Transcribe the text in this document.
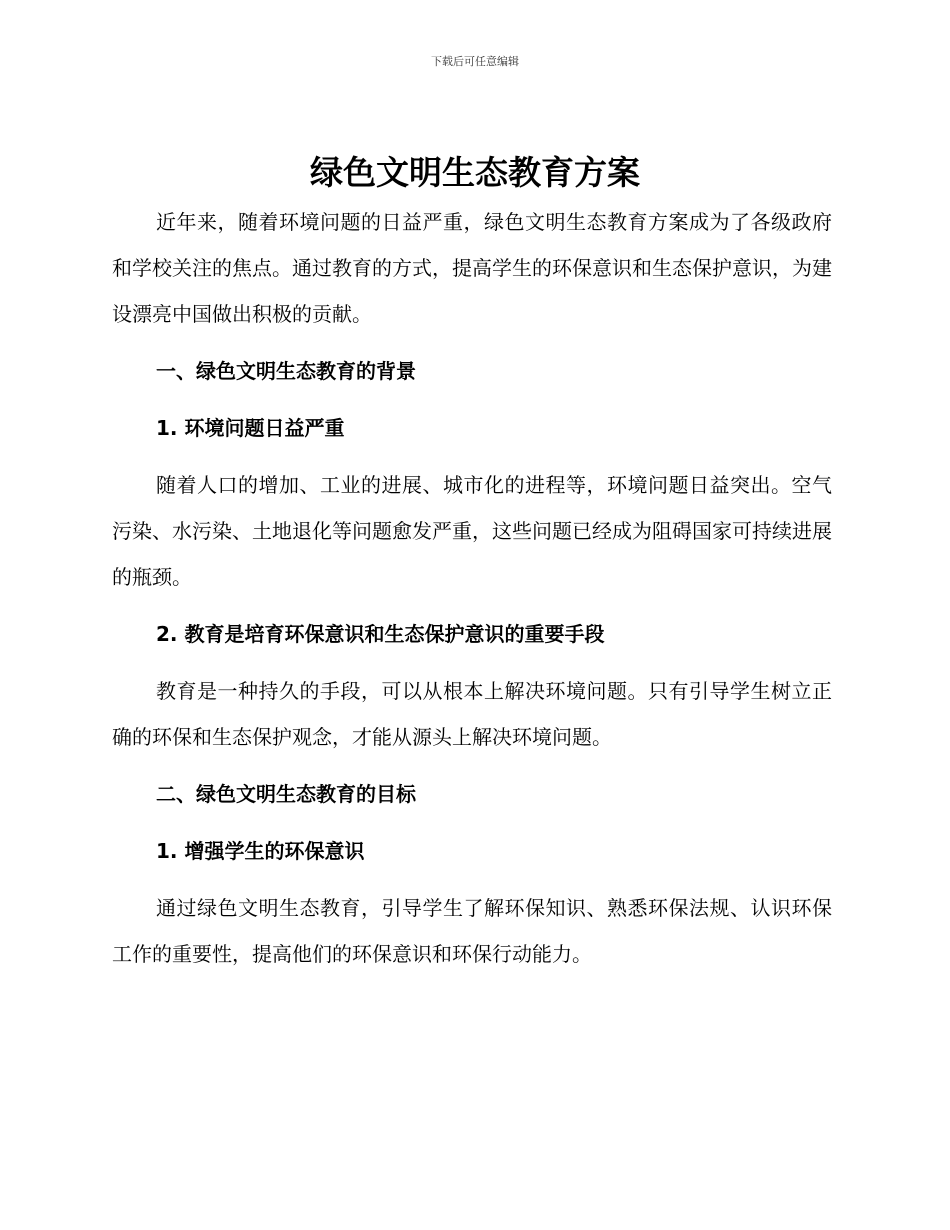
下载后可任意编辑
绿色文明生态教育方案

近年来，随着环境问题的日益严重，绿色文明生态教育方案成为了各级政府和学校关注的焦点。通过教育的方式，提高学生的环保意识和生态保护意识，为建设漂亮中国做出积极的贡献。

一、绿色文明生态教育的背景

1. 环境问题日益严重

随着人口的增加、工业的进展、城市化的进程等，环境问题日益突出。空气污染、水污染、土地退化等问题愈发严重，这些问题已经成为阻碍国家可持续进展的瓶颈。

2. 教育是培育环保意识和生态保护意识的重要手段

教育是一种持久的手段，可以从根本上解决环境问题。只有引导学生树立正确的环保和生态保护观念，才能从源头上解决环境问题。

二、绿色文明生态教育的目标

1. 增强学生的环保意识

通过绿色文明生态教育，引导学生了解环保知识、熟悉环保法规、认识环保工作的重要性，提高他们的环保意识和环保行动能力。
